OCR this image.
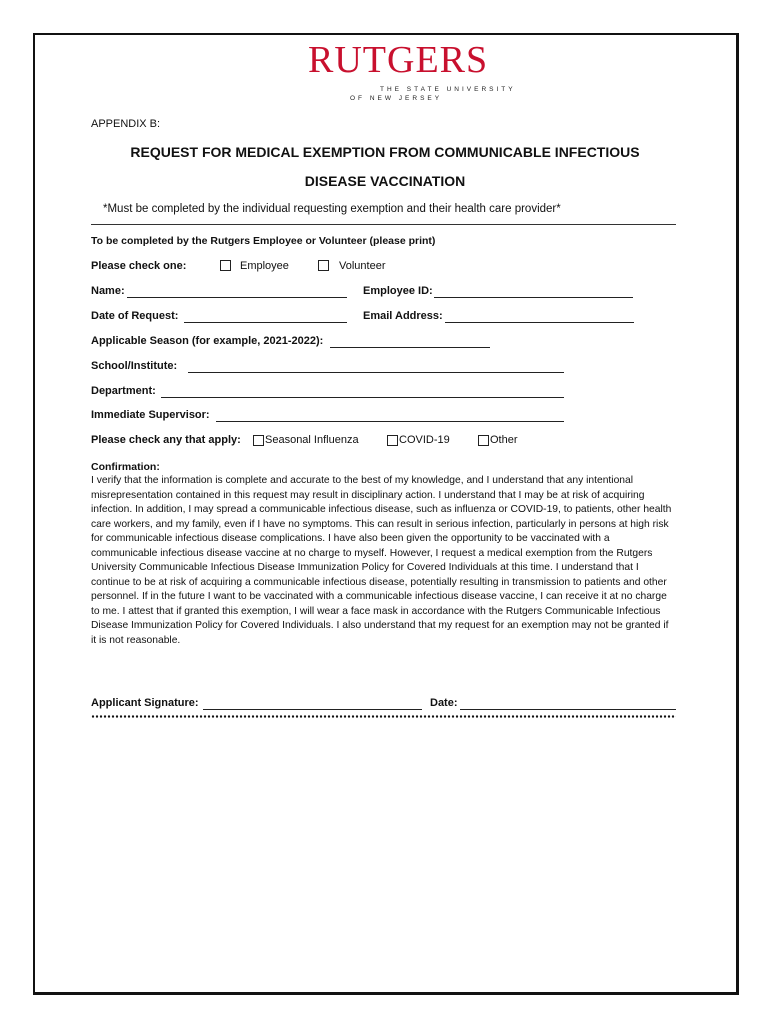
RUTGERS
THE STATE UNIVERSITY
OF NEW JERSEY
APPENDIX B:
REQUEST FOR MEDICAL EXEMPTION FROM COMMUNICABLE INFECTIOUS
DISEASE VACCINATION
*Must be completed by the individual requesting exemption and their health care provider*
To be completed by the Rutgers Employee or Volunteer (please print)
Please check one:	Employee	Volunteer
Name:	Employee ID:
Date of Request:	Email Address:
Applicable Season (for example, 2021-2022):
School/Institute:
Department:
Immediate Supervisor:
Please check any that apply: Seasonal Influenza	COVID-19	Other
Confirmation:
I verify that the information is complete and accurate to the best of my knowledge, and I understand that any intentional misrepresentation contained in this request may result in disciplinary action. I understand that I may be at risk of acquiring infection. In addition, I may spread a communicable infectious disease, such as influenza or COVID-19, to patients, other health care workers, and my family, even if I have no symptoms. This can result in serious infection, particularly in persons at high risk for communicable infectious disease complications. I have also been given the opportunity to be vaccinated with a communicable infectious disease vaccine at no charge to myself. However, I request a medical exemption from the Rutgers University Communicable Infectious Disease Immunization Policy for Covered Individuals at this time. I understand that I continue to be at risk of acquiring a communicable infectious disease, potentially resulting in transmission to patients and other personnel. If in the future I want to be vaccinated with a communicable infectious disease vaccine, I can receive it at no charge to me. I attest that if granted this exemption, I will wear a face mask in accordance with the Rutgers Communicable Infectious Disease Immunization Policy for Covered Individuals. I also understand that my request for an exemption may not be granted if it is not reasonable.
Applicant Signature:	Date:
